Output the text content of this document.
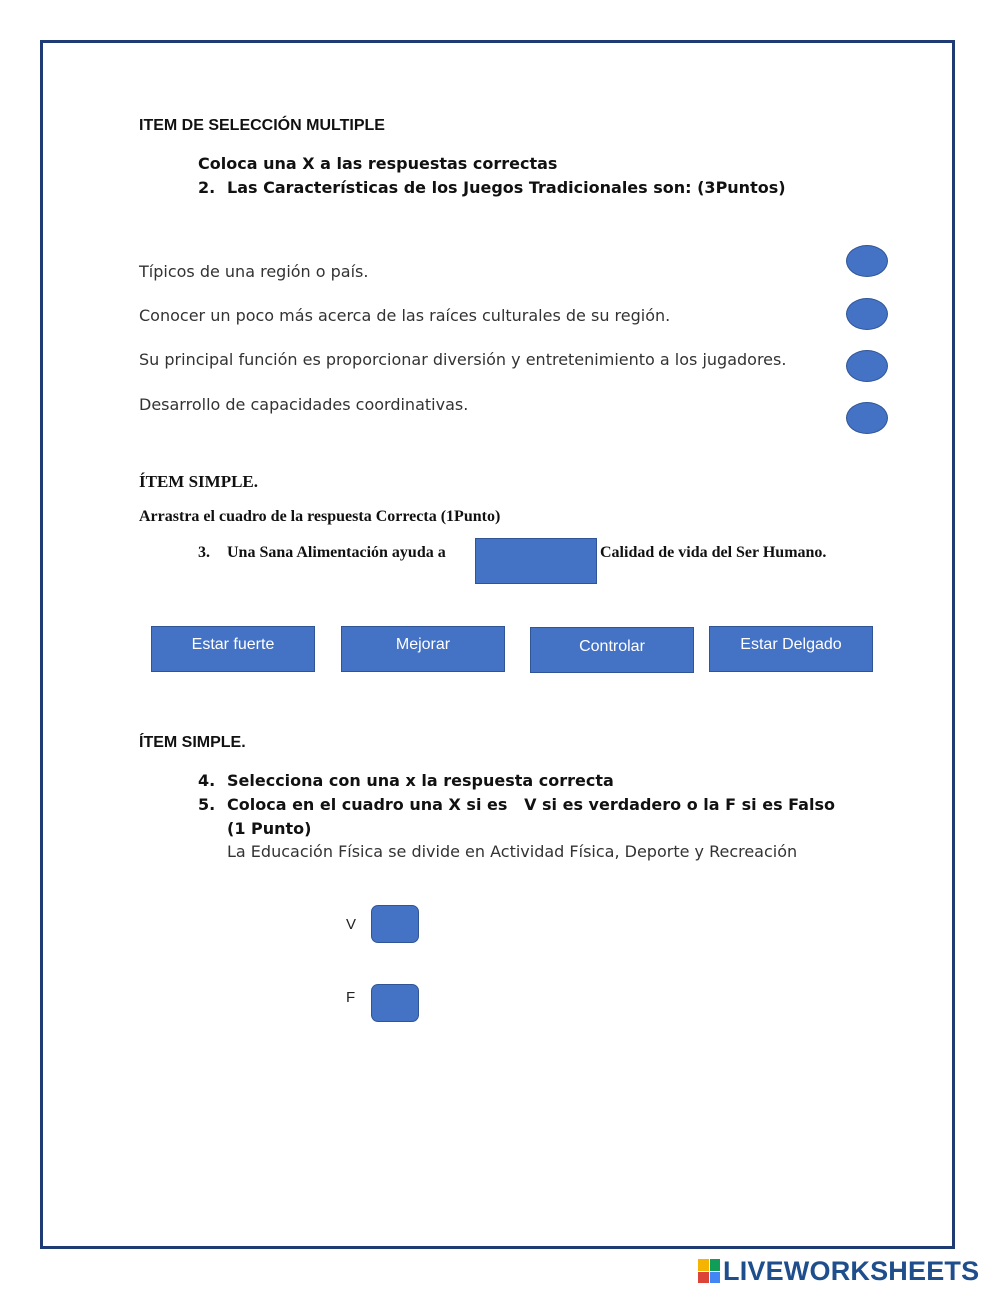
ITEM DE SELECCIÓN MULTIPLE
Coloca una X a las respuestas correctas
2. Las Características de los Juegos Tradicionales son: (3Puntos)
Típicos de una región o país.
Conocer un poco más acerca de las raíces culturales de su región.
Su principal función es proporcionar diversión y entretenimiento a los jugadores.
Desarrollo de capacidades coordinativas.
ÍTEM SIMPLE.
Arrastra el cuadro de la respuesta Correcta (1Punto)
3. Una Sana Alimentación ayuda a	Calidad de vida del Ser Humano.
Estar fuerte	Mejorar	Controlar	Estar Delgado
ÍTEM SIMPLE.
4. Selecciona con una x la respuesta correcta
5. Coloca en el cuadro una X si es   V si es verdadero o la F si es Falso
(1 Punto)
La Educación Física se divide en Actividad Física, Deporte y Recreación
V
F
LIVEWORKSHEETS
